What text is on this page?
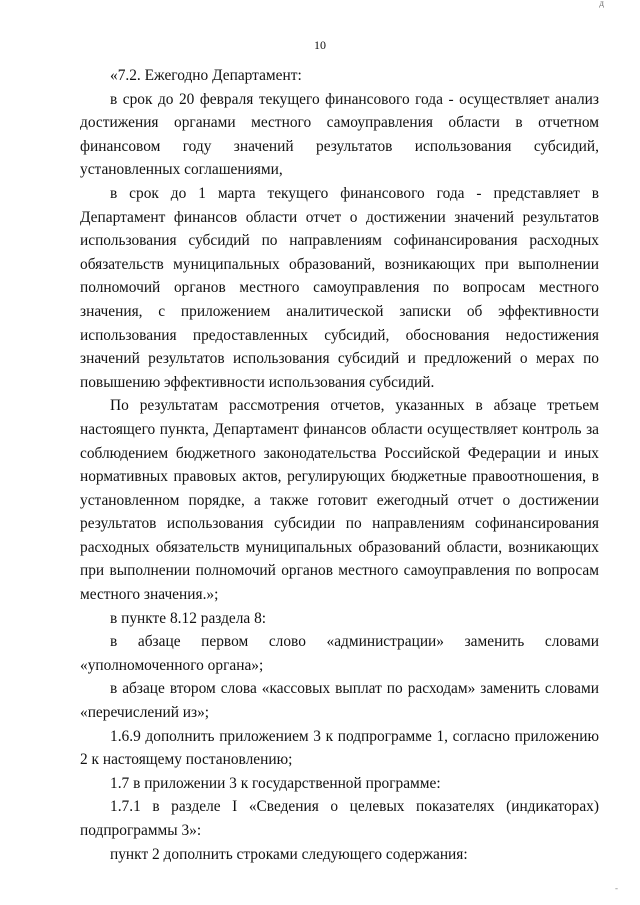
д
10

«7.2. Ежегодно Департамент:

в срок до 20 февраля текущего финансового года - осуществляет анализ достижения органами местного самоуправления области в отчетном финансовом году значений результатов использования субсидий, установленных соглашениями,

в срок до 1 марта текущего финансового года - представляет в Департамент финансов области отчет о достижении значений результатов использования субсидий по направлениям софинансирования расходных обязательств муниципальных образований, возникающих при выполнении полномочий органов местного самоуправления по вопросам местного значения, с приложением аналитической записки об эффективности использования предоставленных субсидий, обоснования недостижения значений результатов использования субсидий и предложений о мерах по повышению эффективности использования субсидий.

По результатам рассмотрения отчетов, указанных в абзаце третьем настоящего пункта, Департамент финансов области осуществляет контроль за соблюдением бюджетного законодательства Российской Федерации и иных нормативных правовых актов, регулирующих бюджетные правоотношения, в установленном порядке, а также готовит ежегодный отчет о достижении результатов использования субсидии по направлениям софинансирования расходных обязательств муниципальных образований области, возникающих при выполнении полномочий органов местного самоуправления по вопросам местного значения.»;

в пункте 8.12 раздела 8:

в абзаце первом слово «администрации» заменить словами «уполномоченного органа»;

в абзаце втором слова «кассовых выплат по расходам» заменить словами «перечислений из»;

1.6.9 дополнить приложением 3 к подпрограмме 1, согласно приложению 2 к настоящему постановлению;

1.7 в приложении 3 к государственной программе:

1.7.1 в разделе I «Сведения о целевых показателях (индикаторах) подпрограммы 3»:

пункт 2 дополнить строками следующего содержания:

-
